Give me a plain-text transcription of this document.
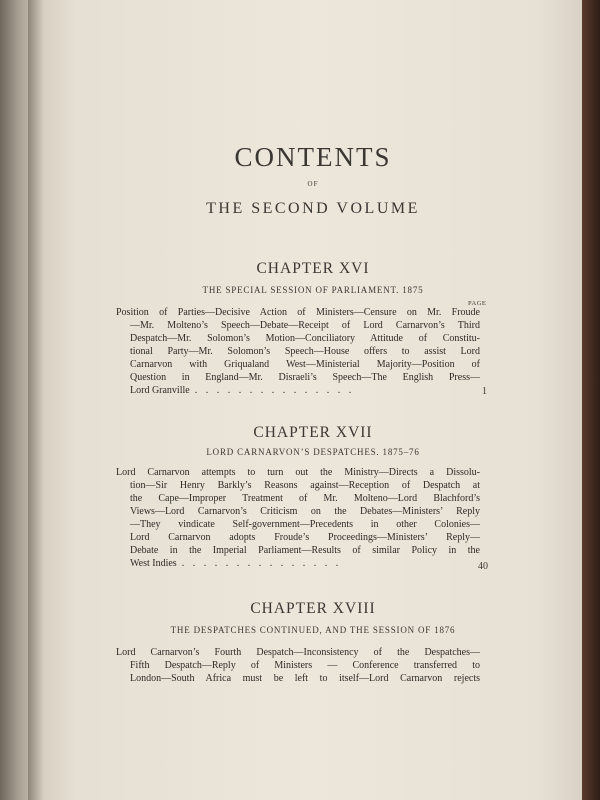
CONTENTS
OF
THE SECOND VOLUME
CHAPTER XVI
THE SPECIAL SESSION OF PARLIAMENT. 1875
PAGE
Position of Parties—Decisive Action of Ministers—Censure on Mr. Froude
—Mr. Molteno’s Speech—Debate—Receipt of Lord Carnarvon’s Third
Despatch—Mr. Solomon’s Motion—Conciliatory Attitude of Constitu-
tional Party—Mr. Solomon’s Speech—House offers to assist Lord
Carnarvon with Griqualand West—Ministerial Majority—Position of
Question in England—Mr. Disraeli’s Speech—The English Press—
Lord Granville . . . . . . . . . . . . . . .	1
CHAPTER XVII
LORD CARNARVON’S DESPATCHES. 1875–76
Lord Carnarvon attempts to turn out the Ministry—Directs a Dissolu-
tion—Sir Henry Barkly’s Reasons against—Reception of Despatch at
the Cape—Improper Treatment of Mr. Molteno—Lord Blachford’s
Views—Lord Carnarvon’s Criticism on the Debates—Ministers’ Reply
—They vindicate Self-government—Precedents in other Colonies—
Lord Carnarvon adopts Froude’s Proceedings—Ministers’ Reply—
Debate in the Imperial Parliament—Results of similar Policy in the
West Indies . . . . . . . . . . . . . . .	40
CHAPTER XVIII
THE DESPATCHES CONTINUED, AND THE SESSION OF 1876
Lord Carnarvon’s Fourth Despatch—Inconsistency of the Despatches—
Fifth Despatch—Reply of Ministers — Conference transferred to
London—South Africa must be left to itself—Lord Carnarvon rejects
